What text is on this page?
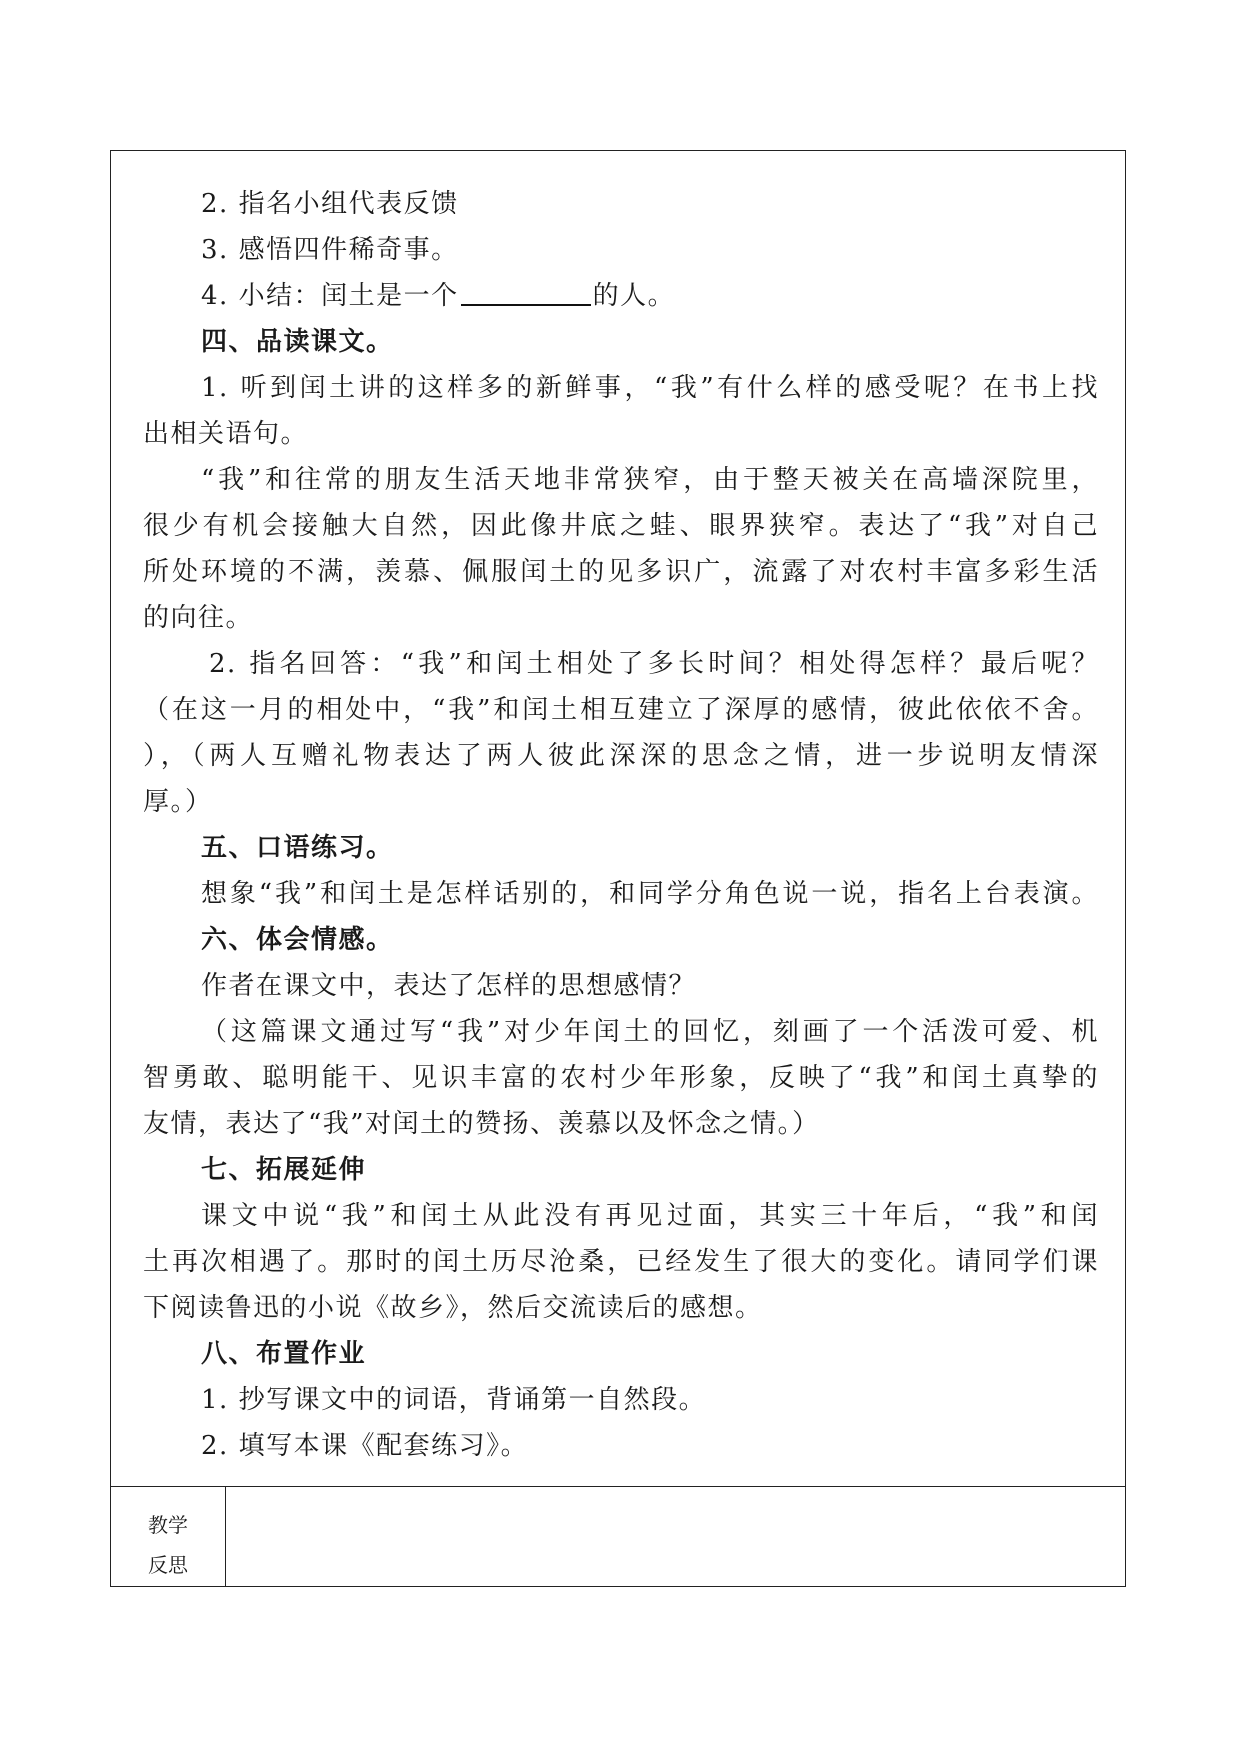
2. 指名小组代表反馈
3. 感悟四件稀奇事。
4. 小结：闰土是一个	的人。
四、品读课文。
1. 听到闰土讲的这样多的新鲜事，“我”有什么样的感受呢？在书上找
出相关语句。
“我”和往常的朋友生活天地非常狭窄，由于整天被关在高墙深院里，
很少有机会接触大自然，因此像井底之蛙、眼界狭窄。表达了“我”对自己
所处环境的不满，羡慕、佩服闰土的见多识广，流露了对农村丰富多彩生活
的向往。
2. 指名回答：“我”和闰土相处了多长时间？相处得怎样？最后呢？
（在这一月的相处中，“我”和闰土相互建立了深厚的感情，彼此依依不舍。
），（两人互赠礼物表达了两人彼此深深的思念之情，进一步说明友情深
厚。）
五、口语练习。
想象“我”和闰土是怎样话别的，和同学分角色说一说，指名上台表演。
六、体会情感。
作者在课文中，表达了怎样的思想感情？
（这篇课文通过写“我”对少年闰土的回忆，刻画了一个活泼可爱、机
智勇敢、聪明能干、见识丰富的农村少年形象，反映了“我”和闰土真挚的
友情，表达了“我”对闰土的赞扬、羡慕以及怀念之情。）
七、拓展延伸
课文中说“我”和闰土从此没有再见过面，其实三十年后，“我”和闰
土再次相遇了。那时的闰土历尽沧桑，已经发生了很大的变化。请同学们课
下阅读鲁迅的小说《故乡》，然后交流读后的感想。
八、布置作业
1. 抄写课文中的词语，背诵第一自然段。
2. 填写本课《配套练习》。
教学
反思
